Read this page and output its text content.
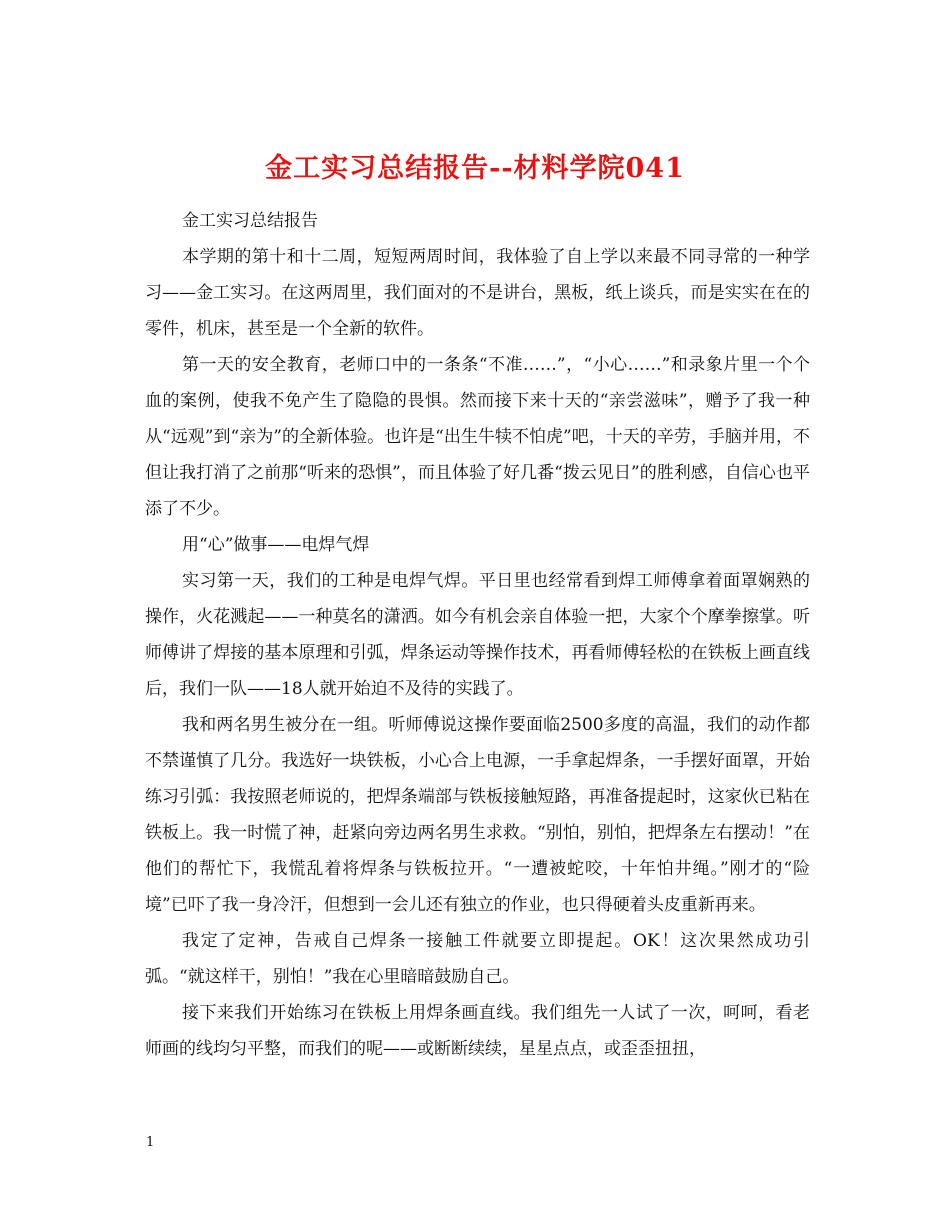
金工实习总结报告--材料学院041

金工实习总结报告

本学期的第十和十二周，短短两周时间，我体验了自上学以来最不同寻常的一种学习——金工实习。在这两周里，我们面对的不是讲台，黑板，纸上谈兵，而是实实在在的零件，机床，甚至是一个全新的软件。

第一天的安全教育，老师口中的一条条“不准……”，“小心……”和录象片里一个个血的案例，使我不免产生了隐隐的畏惧。然而接下来十天的“亲尝滋味”，赠予了我一种从“远观”到“亲为”的全新体验。也许是“出生牛犊不怕虎”吧，十天的辛劳，手脑并用，不但让我打消了之前那“听来的恐惧”，而且体验了好几番“拨云见日”的胜利感，自信心也平添了不少。

用“心”做事——电焊气焊

实习第一天，我们的工种是电焊气焊。平日里也经常看到焊工师傅拿着面罩娴熟的操作，火花溅起——一种莫名的潇洒。如今有机会亲自体验一把，大家个个摩拳擦掌。听师傅讲了焊接的基本原理和引弧，焊条运动等操作技术，再看师傅轻松的在铁板上画直线后，我们一队——18人就开始迫不及待的实践了。

我和两名男生被分在一组。听师傅说这操作要面临2500多度的高温，我们的动作都不禁谨慎了几分。我选好一块铁板，小心合上电源，一手拿起焊条，一手摆好面罩，开始练习引弧：我按照老师说的，把焊条端部与铁板接触短路，再准备提起时，这家伙已粘在铁板上。我一时慌了神，赶紧向旁边两名男生求救。“别怕，别怕，把焊条左右摆动！”在他们的帮忙下，我慌乱着将焊条与铁板拉开。“一遭被蛇咬，十年怕井绳。”刚才的“险境”已吓了我一身冷汗，但想到一会儿还有独立的作业，也只得硬着头皮重新再来。

我定了定神，告戒自己焊条一接触工件就要立即提起。OK！这次果然成功引弧。“就这样干，别怕！”我在心里暗暗鼓励自己。

接下来我们开始练习在铁板上用焊条画直线。我们组先一人试了一次，呵呵，看老师画的线均匀平整，而我们的呢——或断断续续，星星点点，或歪歪扭扭，

1
